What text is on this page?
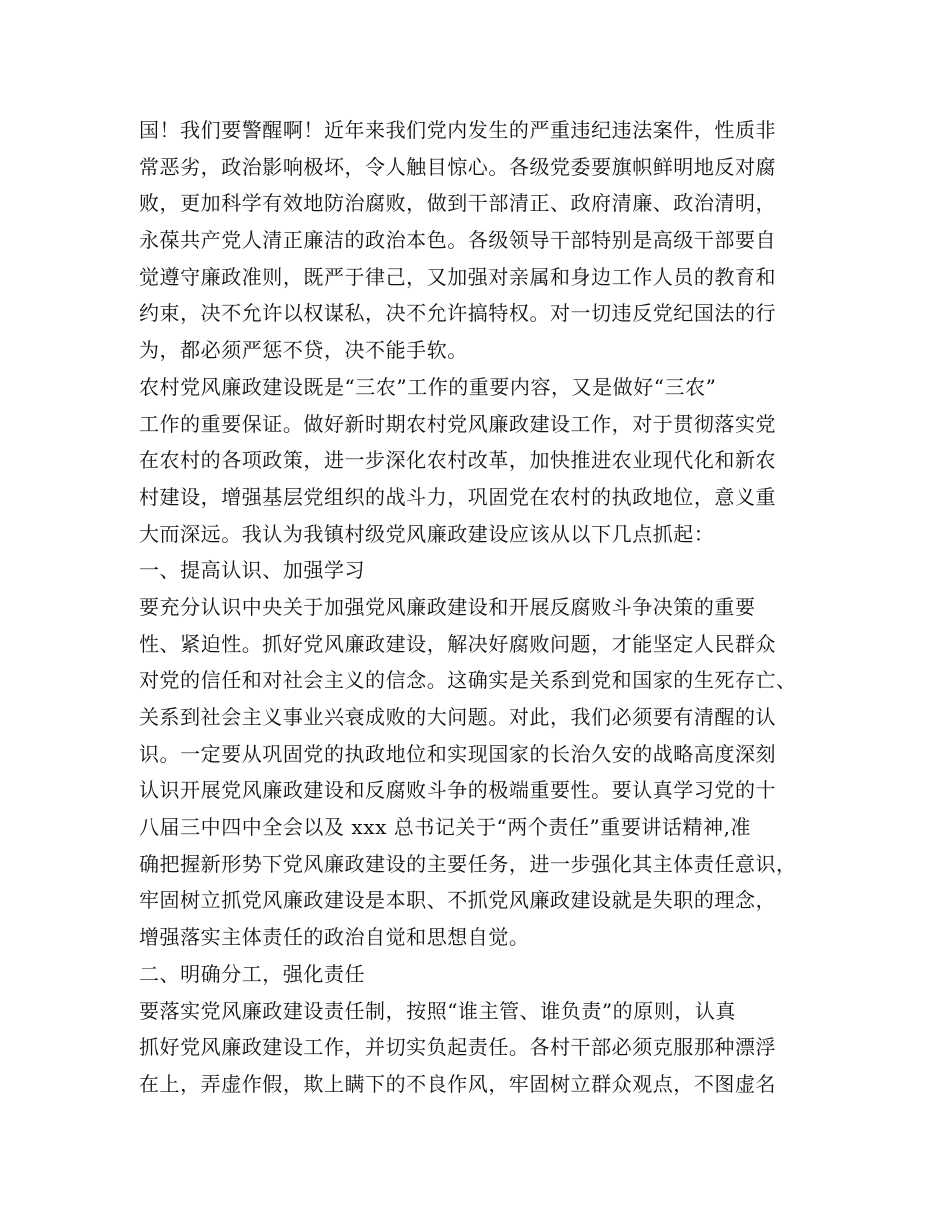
国！我们要警醒啊！近年来我们党内发生的严重违纪违法案件，性质非
常恶劣，政治影响极坏，令人触目惊心。各级党委要旗帜鲜明地反对腐
败，更加科学有效地防治腐败，做到干部清正、政府清廉、政治清明，
永葆共产党人清正廉洁的政治本色。各级领导干部特别是高级干部要自
觉遵守廉政准则，既严于律己，又加强对亲属和身边工作人员的教育和
约束，决不允许以权谋私，决不允许搞特权。对一切违反党纪国法的行
为，都必须严惩不贷，决不能手软。
农村党风廉政建设既是“三农”工作的重要内容，又是做好“三农”
工作的重要保证。做好新时期农村党风廉政建设工作，对于贯彻落实党
在农村的各项政策，进一步深化农村改革，加快推进农业现代化和新农
村建设，增强基层党组织的战斗力，巩固党在农村的执政地位，意义重
大而深远。我认为我镇村级党风廉政建设应该从以下几点抓起：
一、提高认识、加强学习
要充分认识中央关于加强党风廉政建设和开展反腐败斗争决策的重要
性、紧迫性。抓好党风廉政建设，解决好腐败问题，才能坚定人民群众
对党的信任和对社会主义的信念。这确实是关系到党和国家的生死存亡、
关系到社会主义事业兴衰成败的大问题。对此，我们必须要有清醒的认
识。一定要从巩固党的执政地位和实现国家的长治久安的战略高度深刻
认识开展党风廉政建设和反腐败斗争的极端重要性。要认真学习党的十
八届三中四中全会以及 xxx 总书记关于“两个责任”重要讲话精神,准
确把握新形势下党风廉政建设的主要任务，进一步强化其主体责任意识，
牢固树立抓党风廉政建设是本职、不抓党风廉政建设就是失职的理念，
增强落实主体责任的政治自觉和思想自觉。
二、明确分工，强化责任
要落实党风廉政建设责任制，按照“谁主管、谁负责”的原则，认真
抓好党风廉政建设工作，并切实负起责任。各村干部必须克服那种漂浮
在上，弄虚作假，欺上瞒下的不良作风，牢固树立群众观点，不图虚名
